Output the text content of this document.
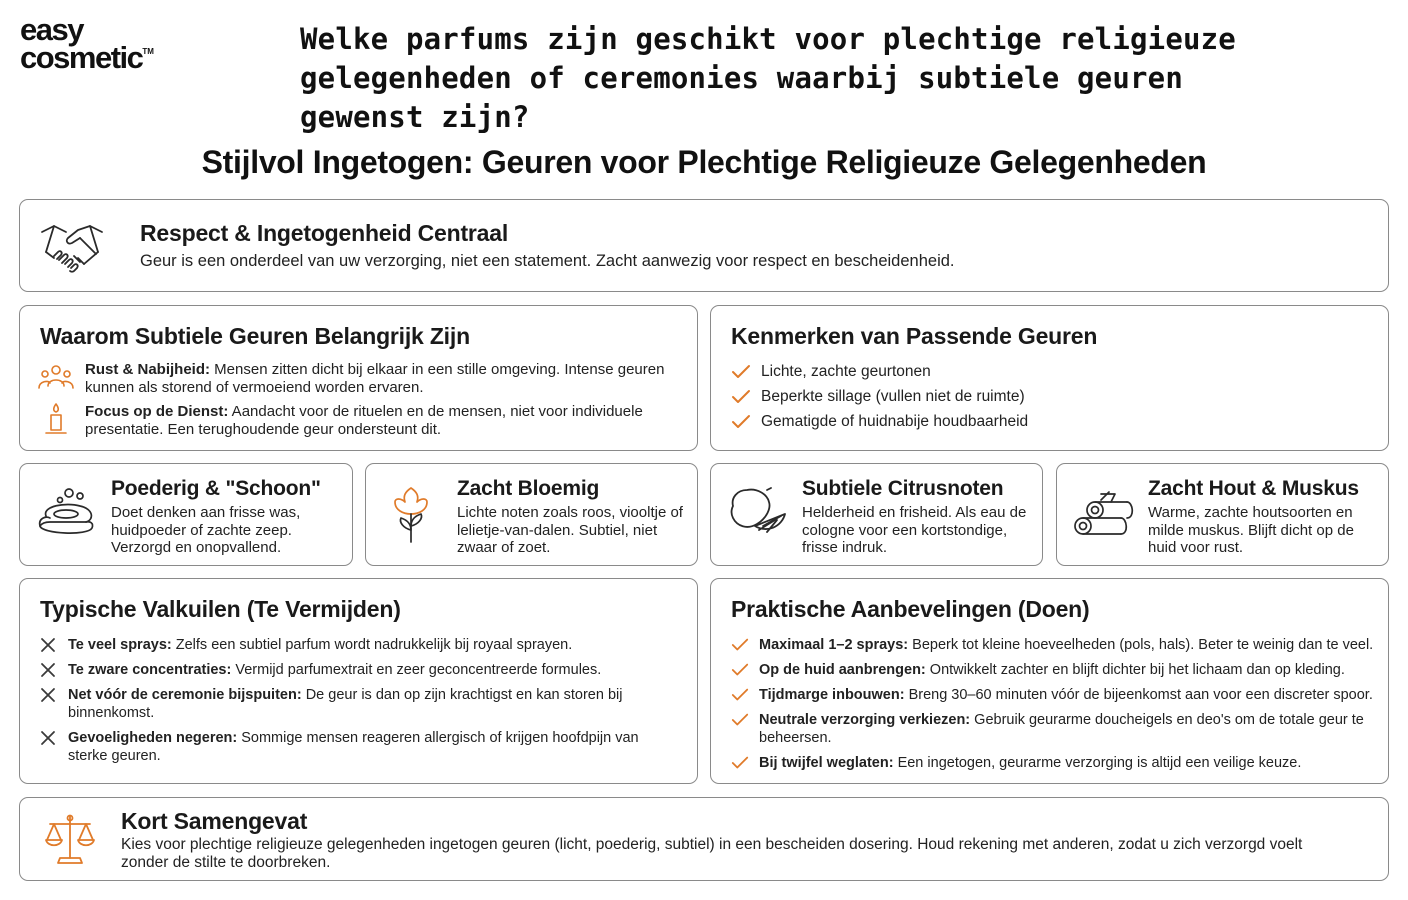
easy
cosmetic™	Welke parfums zijn geschikt voor plechtige religieuze gelegenheden of ceremonies waarbij subtiele geuren gewenst zijn?
Stijlvol Ingetogen: Geuren voor Plechtige Religieuze Gelegenheden
Respect & Ingetogenheid Centraal

Geur is een onderdeel van uw verzorging, niet een statement. Zacht aanwezig voor respect en bescheidenheid.

Waarom Subtiele Geuren Belangrijk Zijn

Rust & Nabijheid: Mensen zitten dicht bij elkaar in een stille omgeving. Intense geuren kunnen als storend of vermoeiend worden ervaren.

Focus op de Dienst: Aandacht voor de rituelen en de mensen, niet voor individuele presentatie. Een terughoudende geur ondersteunt dit.

Kenmerken van Passende Geuren
Lichte, zachte geurtonen
Beperkte sillage (vullen niet de ruimte)
Gematigde of huidnabije houdbaarheid
Poederig & "Schoon"

Doet denken aan frisse was, huidpoeder of zachte zeep. Verzorgd en onopvallend.

Zacht Bloemig

Lichte noten zoals roos, viooltje of lelietje-van-dalen. Subtiel, niet zwaar of zoet.

Subtiele Citrusnoten

Helderheid en frisheid. Als eau de cologne voor een kortstondige, frisse indruk.

Zacht Hout & Muskus

Warme, zachte houtsoorten en milde muskus. Blijft dicht op de huid voor rust.

Typische Valkuilen (Te Vermijden)
Te veel sprays: Zelfs een subtiel parfum wordt nadrukkelijk bij royaal sprayen.
Te zware concentraties: Vermijd parfumextrait en zeer geconcentreerde formules.
Net vóór de ceremonie bijspuiten: De geur is dan op zijn krachtigst en kan storen bij binnenkomst.
Gevoeligheden negeren: Sommige mensen reageren allergisch of krijgen hoofdpijn van sterke geuren.
Praktische Aanbevelingen (Doen)
Maximaal 1–2 sprays: Beperk tot kleine hoeveelheden (pols, hals). Beter te weinig dan te veel.
Op de huid aanbrengen: Ontwikkelt zachter en blijft dichter bij het lichaam dan op kleding.
Tijdmarge inbouwen: Breng 30–60 minuten vóór de bijeenkomst aan voor een discreter spoor.
Neutrale verzorging verkiezen: Gebruik geurarme doucheigels en deo's om de totale geur te beheersen.
Bij twijfel weglaten: Een ingetogen, geurarme verzorging is altijd een veilige keuze.
Kort Samengevat

Kies voor plechtige religieuze gelegenheden ingetogen geuren (licht, poederig, subtiel) in een bescheiden dosering. Houd rekening met anderen, zodat u zich verzorgd voelt zonder de stilte te doorbreken.
